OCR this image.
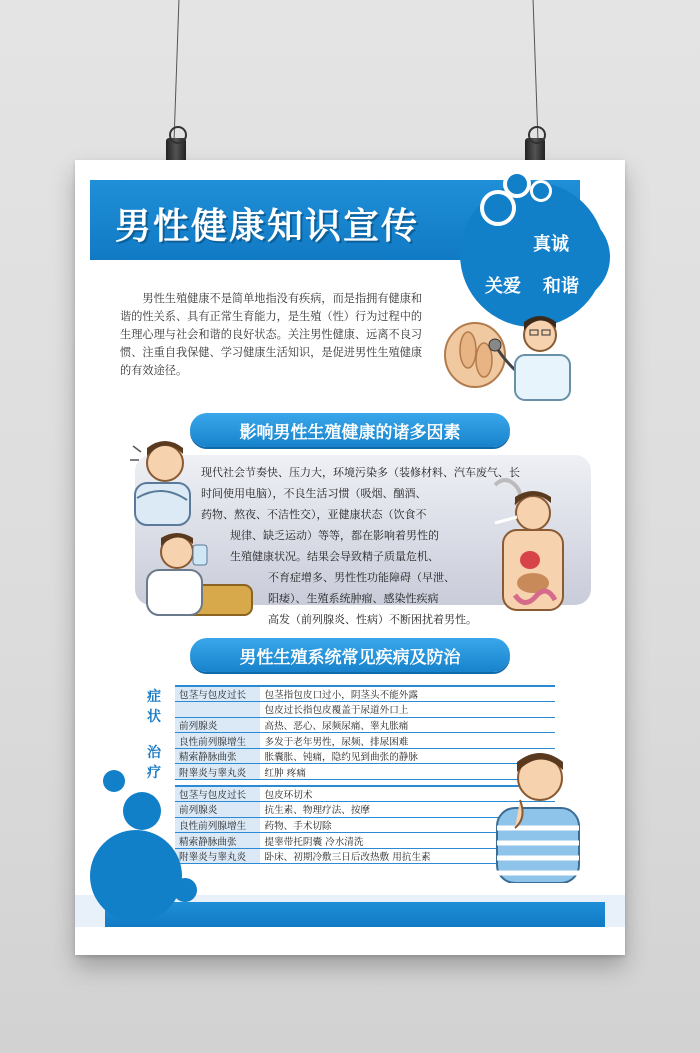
男性健康知识宣传	真诚
关爱 和谐
男性生殖健康不是简单地指没有疾病，而是指拥有健康和谐的性关系、具有正常生育能力，是生殖（性）行为过程中的生理心理与社会和谐的良好状态。关注男性健康、远离不良习惯、注重自我保健、学习健康生活知识，是促进男性生殖健康的有效途径。
影响男性生殖健康的诸多因素
现代社会节奏快、压力大，环境污染多（装修材料、汽车废气、长
时间使用电脑），不良生活习惯（吸烟、酗酒、
药物、熬夜、不洁性交），亚健康状态（饮食不
规律、缺乏运动）等等，都在影响着男性的
生殖健康状况。结果会导致精子质量危机、
不育症增多、男性性功能障碍（早泄、
阳痿）、生殖系统肿瘤、感染性疾病
高发（前列腺炎、性病）不断困扰着男性。
男性生殖系统常见疾病及防治
症
状
治
疗
包茎与包皮过长	包茎指包皮口过小，阴茎头不能外露
	包皮过长指包皮覆盖于尿道外口上
前列腺炎	高热、恶心、尿频尿痛、睾丸胀痛
良性前列腺增生	多发于老年男性，尿频、排尿困难
精索静脉曲张	胀囊胀、钝痛，隐约见到曲张的静脉
附睾炎与睾丸炎	红肿 疼痛
包茎与包皮过长	包皮环切术
前列腺炎	抗生素、物理疗法、按摩
良性前列腺增生	药物、手术切除
精索静脉曲张	提睾带托阴囊 冷水清洗
附睾炎与睾丸炎	卧床、初期冷敷三日后改热敷 用抗生素
